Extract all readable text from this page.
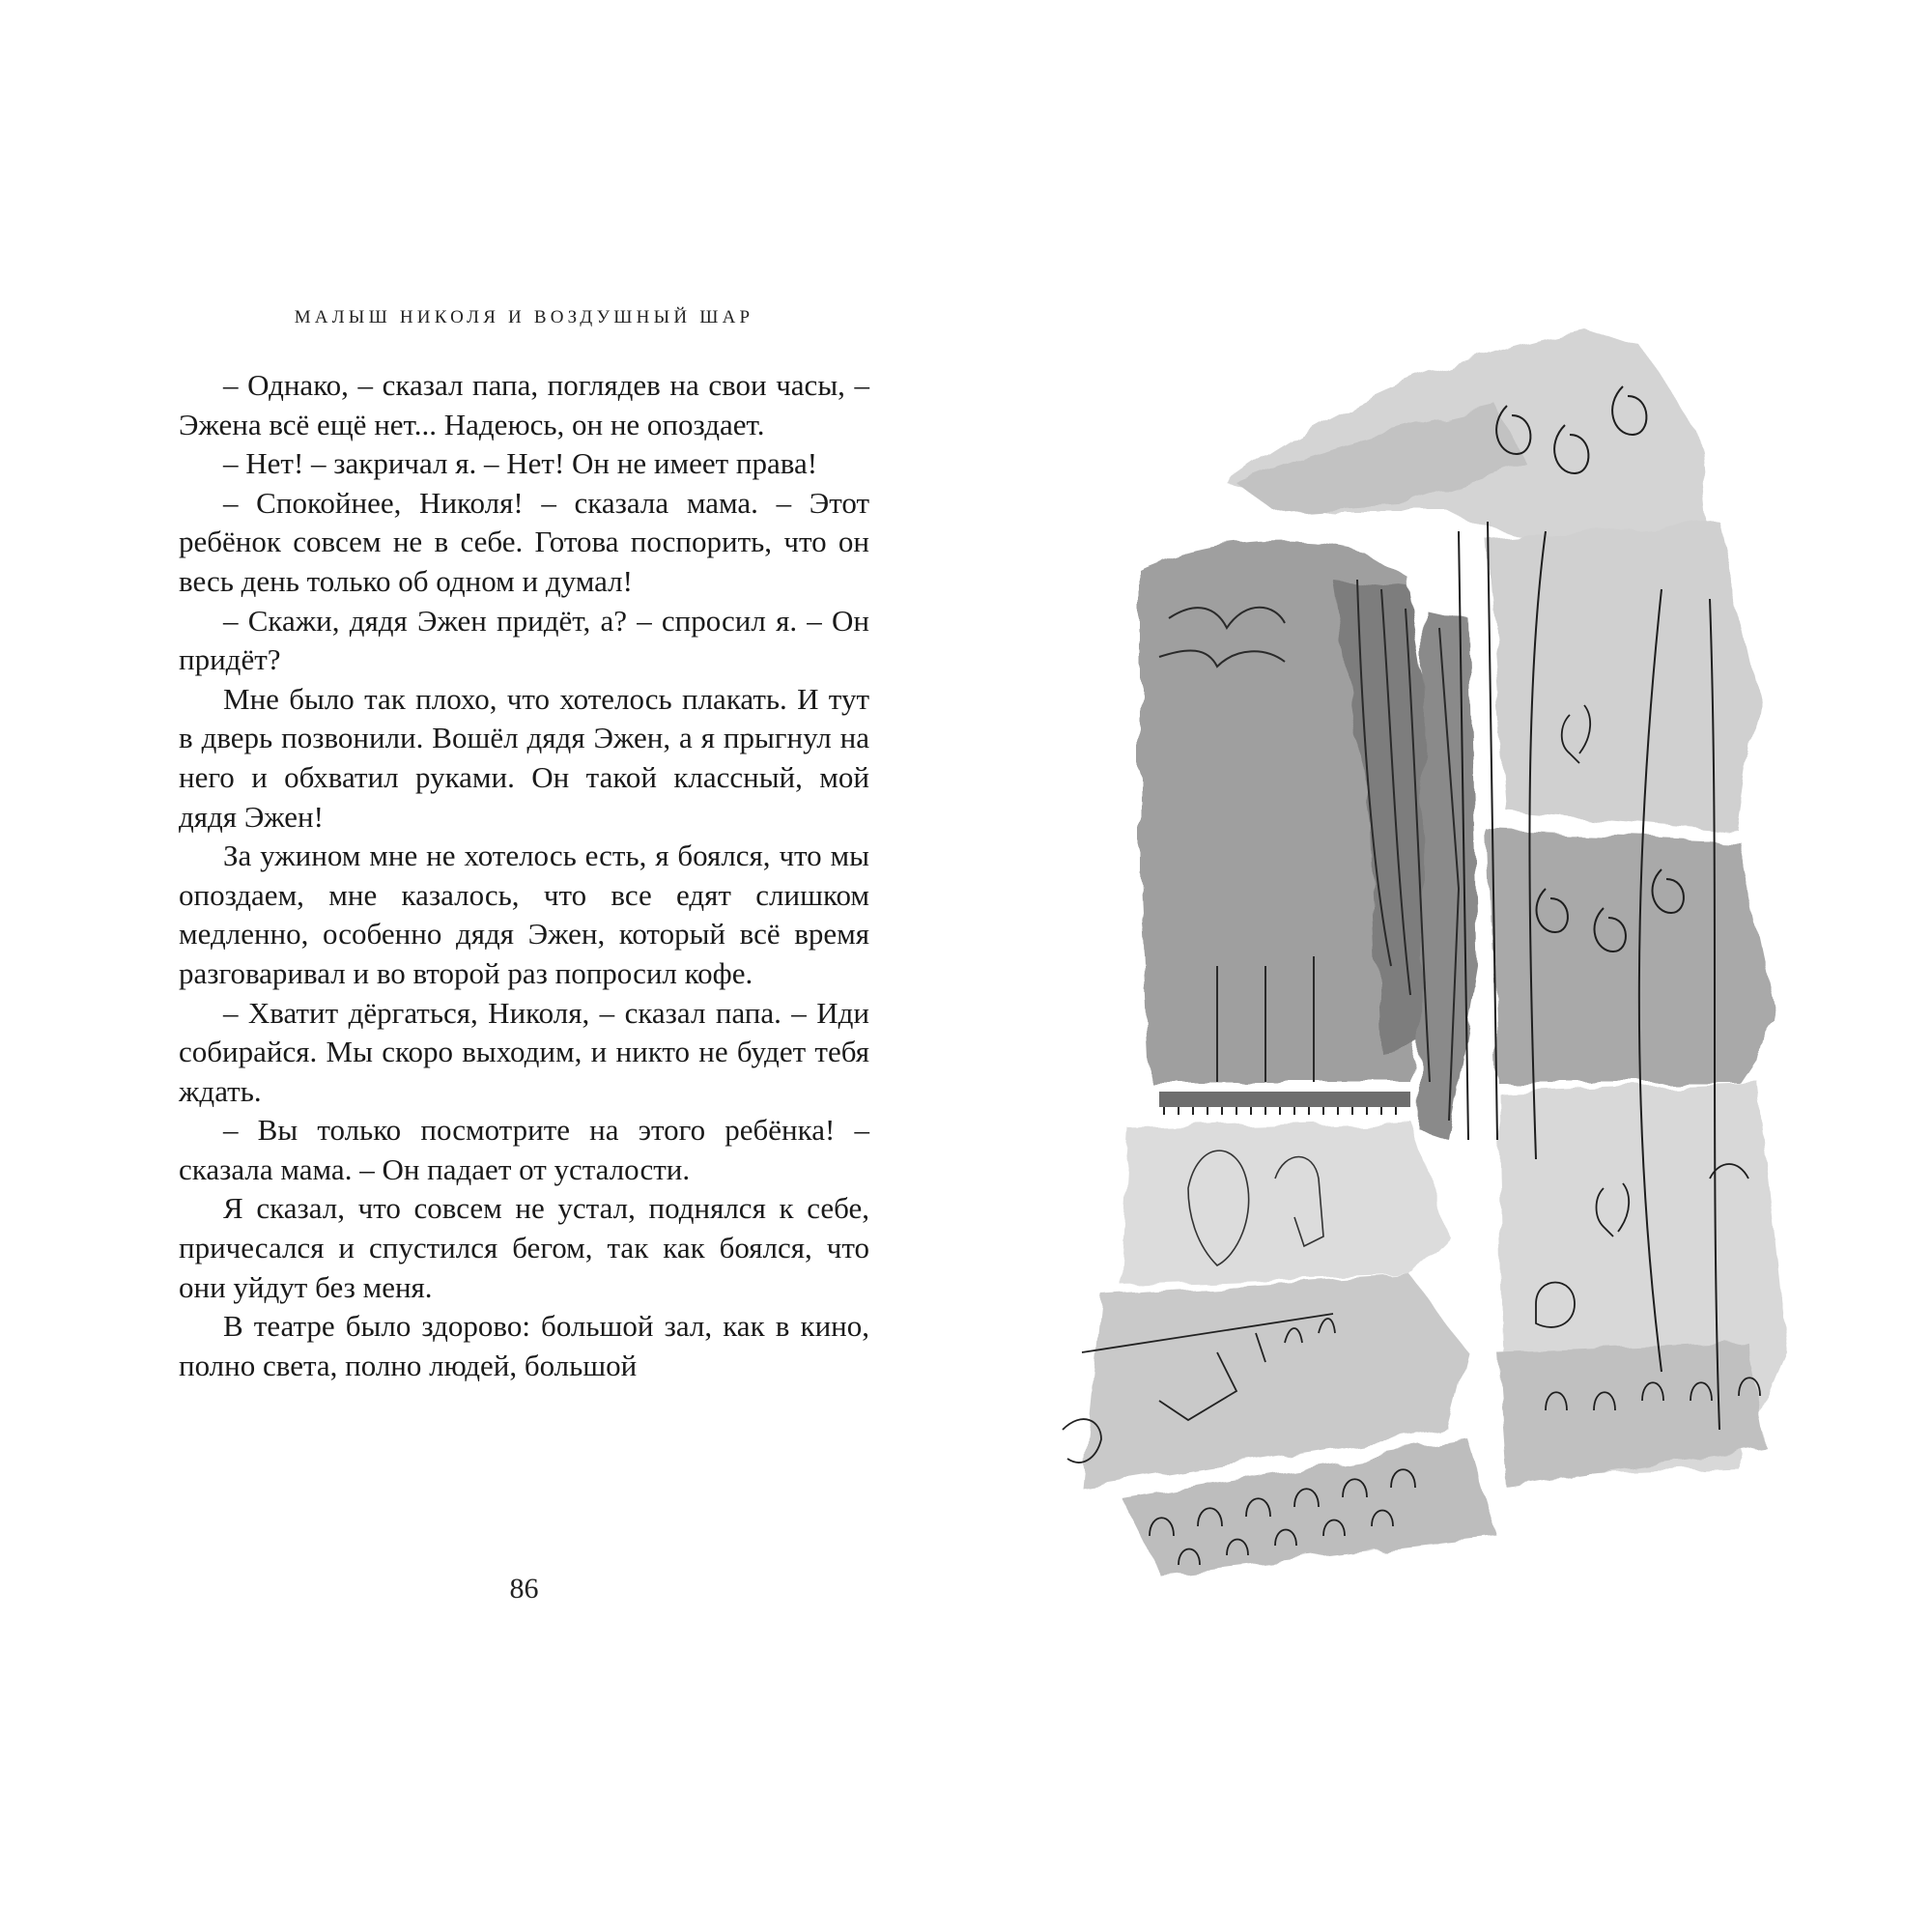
МАЛЫШ НИКОЛЯ И ВОЗДУШНЫЙ ШАР

– Однако, – сказал папа, поглядев на свои часы, – Эжена всё ещё нет... Надеюсь, он не опоздает.

– Нет! – закричал я. – Нет! Он не имеет права!

– Спокойнее, Николя! – сказала мама. – Этот ребёнок совсем не в себе. Готова поспорить, что он весь день только об одном и думал!

– Скажи, дядя Эжен придёт, а? – спросил я. – Он придёт?

Мне было так плохо, что хотелось плакать. И тут в дверь позвонили. Вошёл дядя Эжен, а я прыгнул на него и обхватил руками. Он такой классный, мой дядя Эжен!

За ужином мне не хотелось есть, я боялся, что мы опоздаем, мне казалось, что все едят слишком медленно, особенно дядя Эжен, который всё время разговаривал и во второй раз попросил кофе.

– Хватит дёргаться, Николя, – сказал папа. – Иди собирайся. Мы скоро выходим, и никто не будет тебя ждать.

– Вы только посмотрите на этого ребёнка! – сказала мама. – Он падает от усталости.

Я сказал, что совсем не устал, поднялся к себе, причесался и спустился бегом, так как боялся, что они уйдут без меня.

В театре было здорово: большой зал, как в кино, полно света, полно людей, большой

86
